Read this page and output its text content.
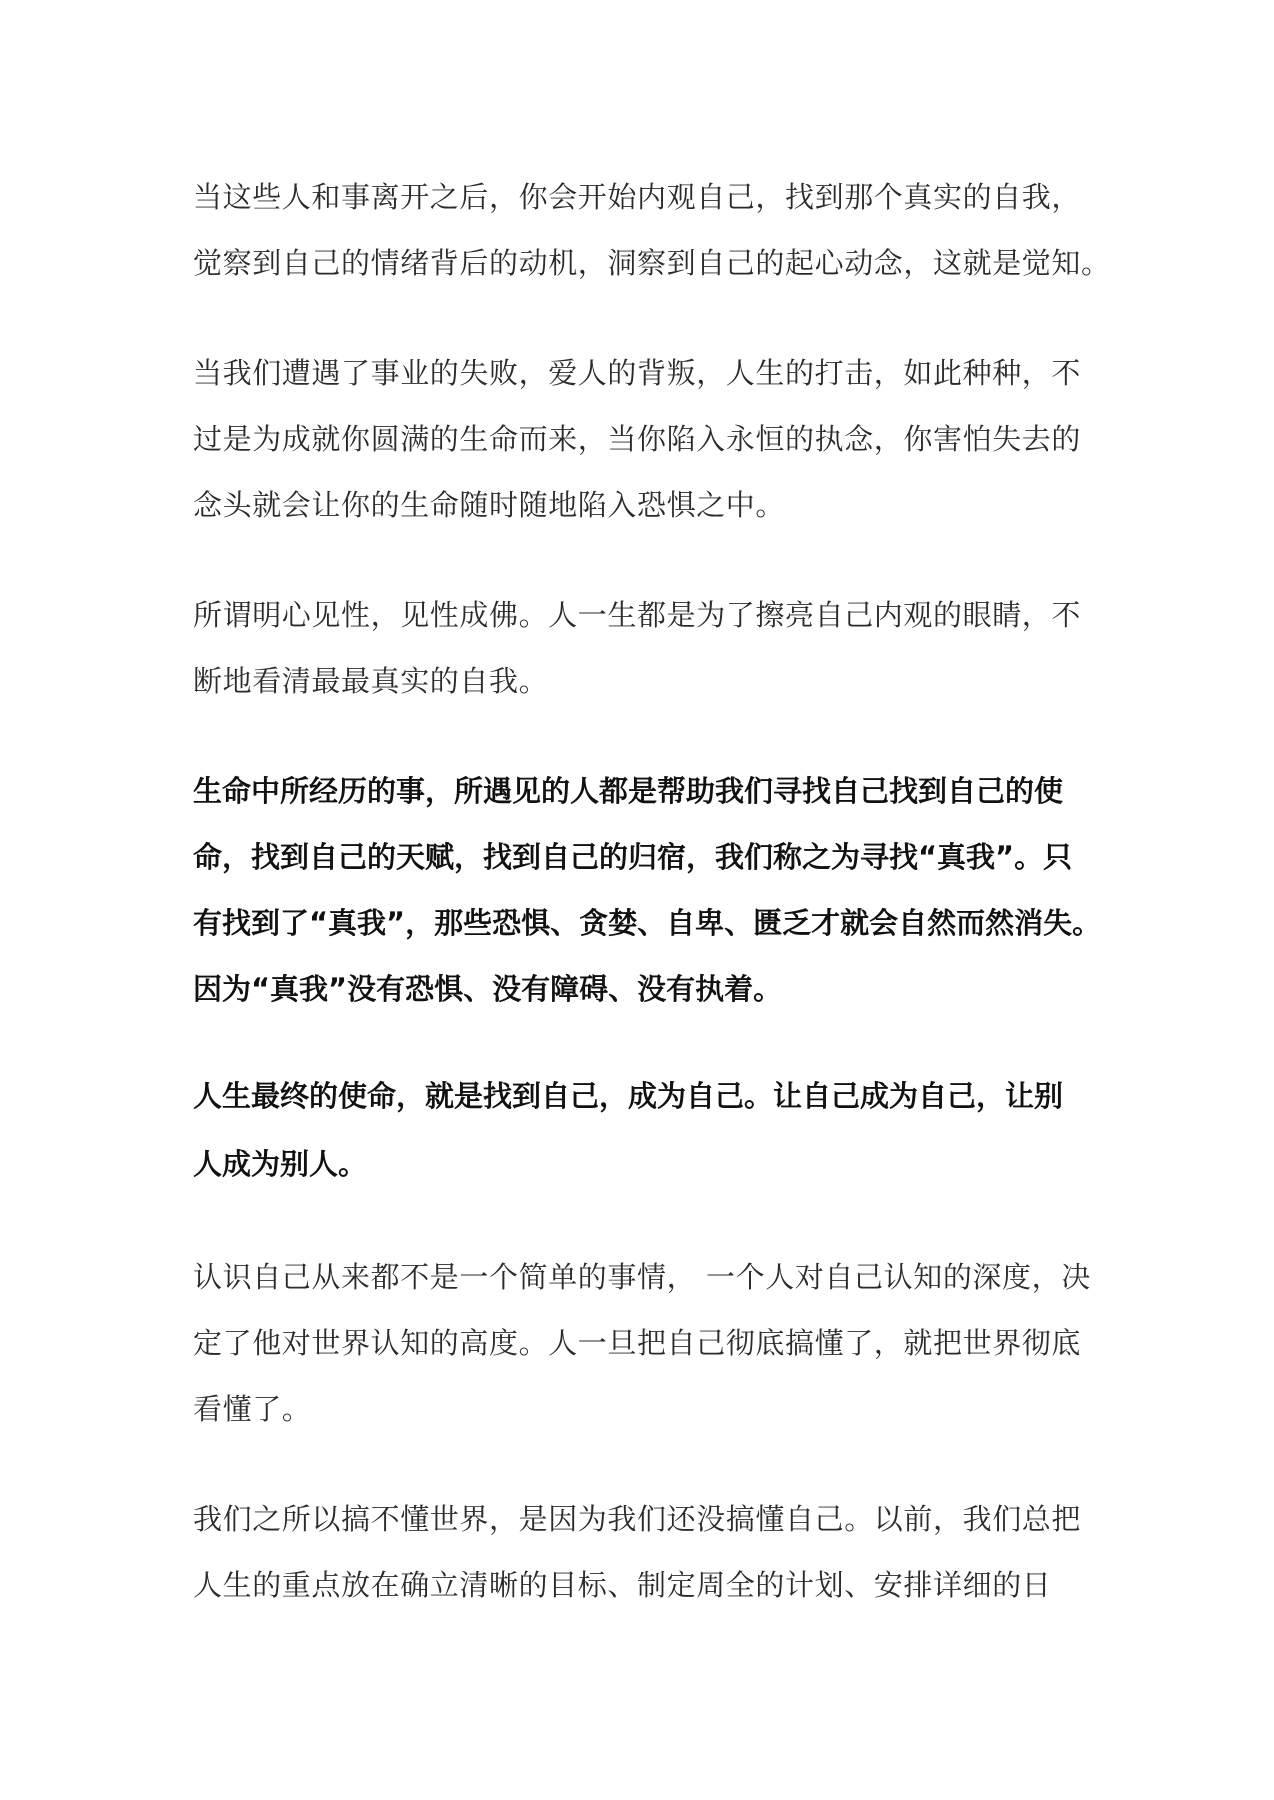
当这些人和事离开之后，你会开始内观自己，找到那个真实的自我，
觉察到自己的情绪背后的动机，洞察到自己的起心动念，这就是觉知。
当我们遭遇了事业的失败，爱人的背叛，人生的打击，如此种种，不
过是为成就你圆满的生命而来，当你陷入永恒的执念，你害怕失去的
念头就会让你的生命随时随地陷入恐惧之中。
所谓明心见性，见性成佛。人一生都是为了擦亮自己内观的眼睛，不
断地看清最最真实的自我。
生命中所经历的事，所遇见的人都是帮助我们寻找自己找到自己的使
命，找到自己的天赋，找到自己的归宿，我们称之为寻找“真我”。只
有找到了“真我”，那些恐惧、贪婪、自卑、匮乏才就会自然而然消失。
因为“真我”没有恐惧、没有障碍、没有执着。
人生最终的使命，就是找到自己，成为自己。让自己成为自己，让别
人成为别人。
认识自己从来都不是一个简单的事情， 一个人对自己认知的深度，决
定了他对世界认知的高度。人一旦把自己彻底搞懂了，就把世界彻底
看懂了。
我们之所以搞不懂世界，是因为我们还没搞懂自己。以前，我们总把
人生的重点放在确立清晰的目标、制定周全的计划、安排详细的日
